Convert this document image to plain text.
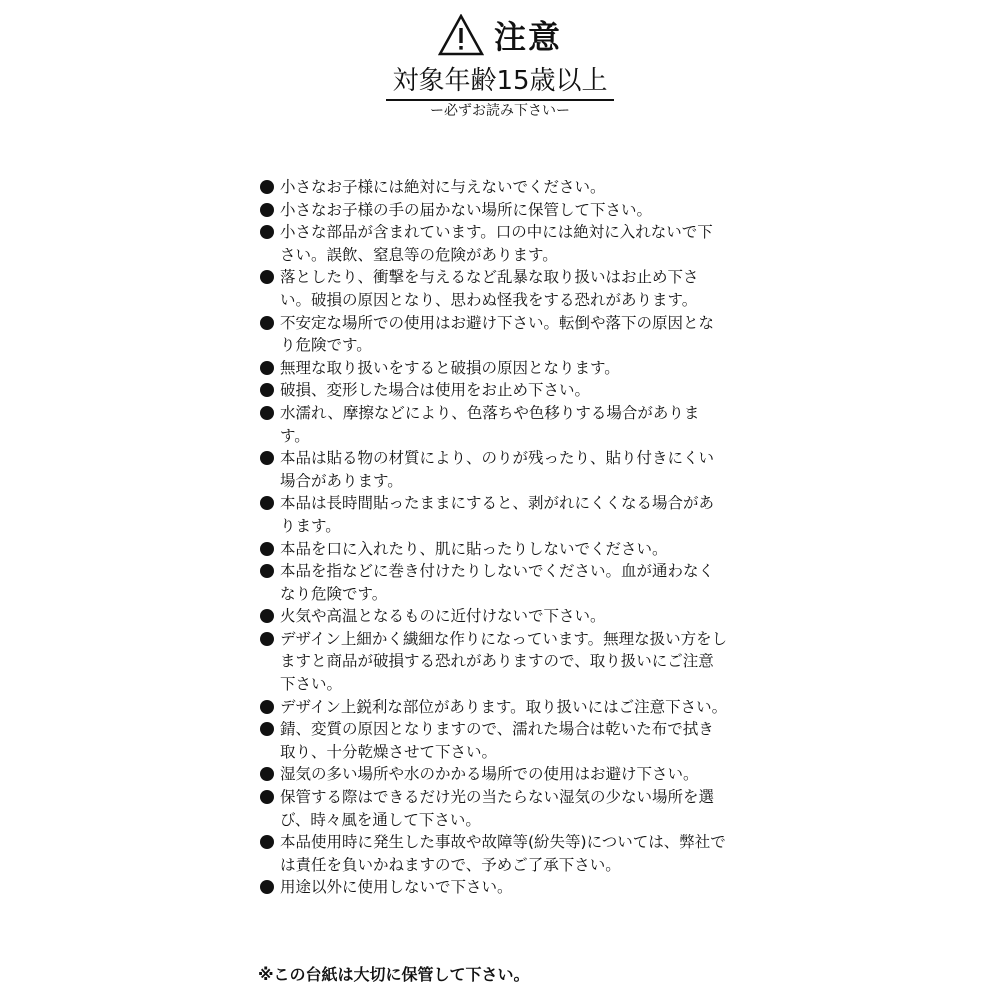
注意
対象年齢15歳以上
ー必ずお読み下さいー
小さなお子様には絶対に与えないでください。
小さなお子様の手の届かない場所に保管して下さい。
小さな部品が含まれています。口の中には絶対に入れないで下さい。誤飲、窒息等の危険があります。
落としたり、衝撃を与えるなど乱暴な取り扱いはお止め下さい。破損の原因となり、思わぬ怪我をする恐れがあります。
不安定な場所での使用はお避け下さい。転倒や落下の原因となり危険です。
無理な取り扱いをすると破損の原因となります。
破損、変形した場合は使用をお止め下さい。
水濡れ、摩擦などにより、色落ちや色移りする場合があります。
本品は貼る物の材質により、のりが残ったり、貼り付きにくい場合があります。
本品は長時間貼ったままにすると、剥がれにくくなる場合があります。
本品を口に入れたり、肌に貼ったりしないでください。
本品を指などに巻き付けたりしないでください。血が通わなくなり危険です。
火気や高温となるものに近付けないで下さい。
デザイン上細かく繊細な作りになっています。無理な扱い方をしますと商品が破損する恐れがありますので、取り扱いにご注意下さい。
デザイン上鋭利な部位があります。取り扱いにはご注意下さい。
錆、変質の原因となりますので、濡れた場合は乾いた布で拭き取り、十分乾燥させて下さい。
湿気の多い場所や水のかかる場所での使用はお避け下さい。
保管する際はできるだけ光の当たらない湿気の少ない場所を選び、時々風を通して下さい。
本品使用時に発生した事故や故障等(紛失等)については、弊社では責任を負いかねますので、予めご了承下さい。
用途以外に使用しないで下さい。
※この台紙は大切に保管して下さい。
